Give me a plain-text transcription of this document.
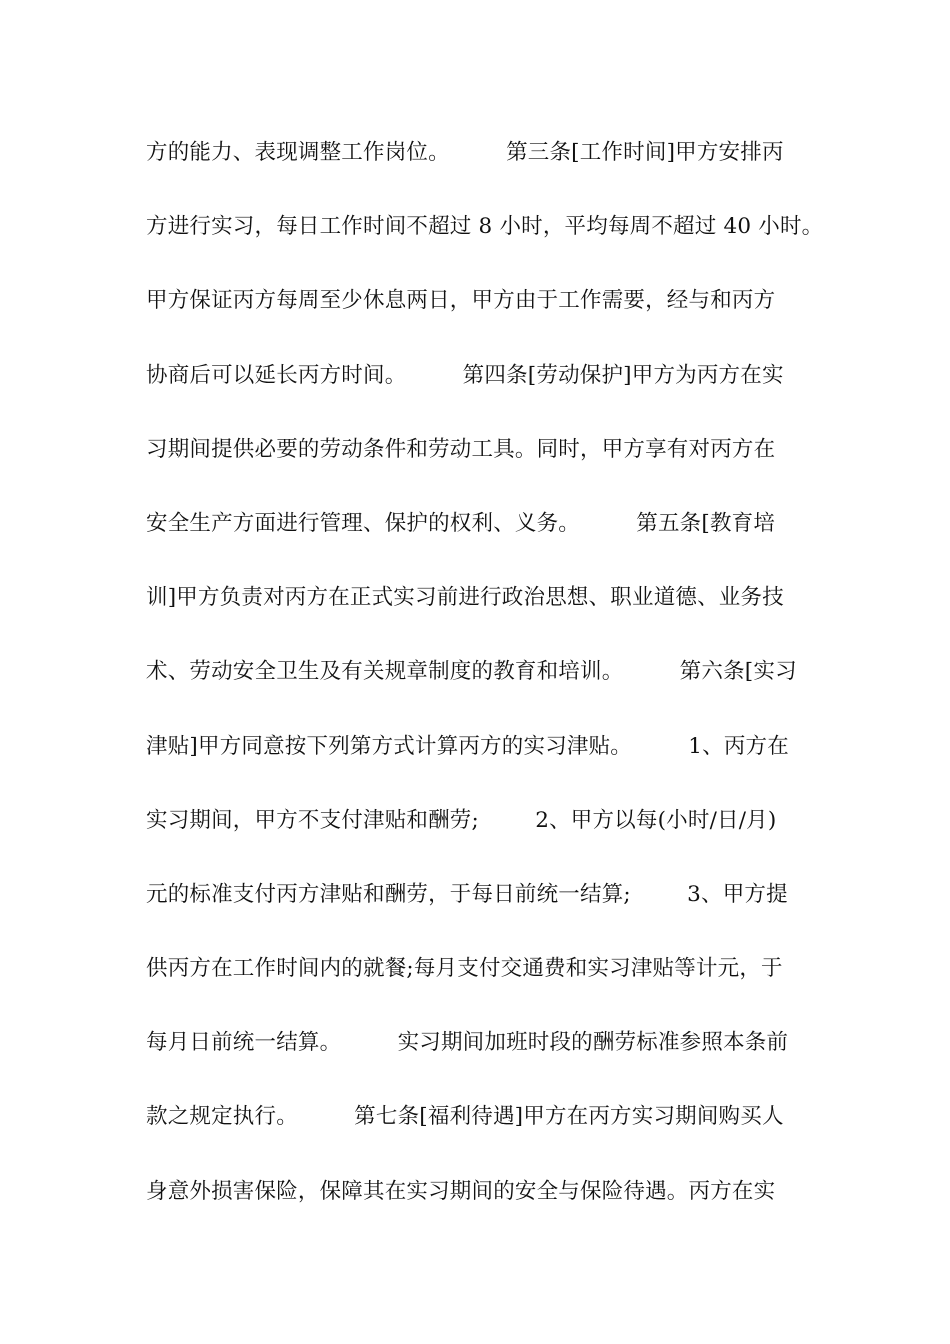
方的能力、表现调整工作岗位。        第三条[工作时间]甲方安排丙
方进行实习，每日工作时间不超过 8 小时，平均每周不超过 40 小时。
甲方保证丙方每周至少休息两日，甲方由于工作需要，经与和丙方
协商后可以延长丙方时间。        第四条[劳动保护]甲方为丙方在实
习期间提供必要的劳动条件和劳动工具。同时，甲方享有对丙方在
安全生产方面进行管理、保护的权利、义务。        第五条[教育培
训]甲方负责对丙方在正式实习前进行政治思想、职业道德、业务技
术、劳动安全卫生及有关规章制度的教育和培训。        第六条[实习
津贴]甲方同意按下列第方式计算丙方的实习津贴。        1、丙方在
实习期间，甲方不支付津贴和酬劳;        2、甲方以每(小时/日/月)
元的标准支付丙方津贴和酬劳，于每日前统一结算;        3、甲方提
供丙方在工作时间内的就餐;每月支付交通费和实习津贴等计元，于
每月日前统一结算。        实习期间加班时段的酬劳标准参照本条前
款之规定执行。        第七条[福利待遇]甲方在丙方实习期间购买人
身意外损害保险，保障其在实习期间的安全与保险待遇。丙方在实
